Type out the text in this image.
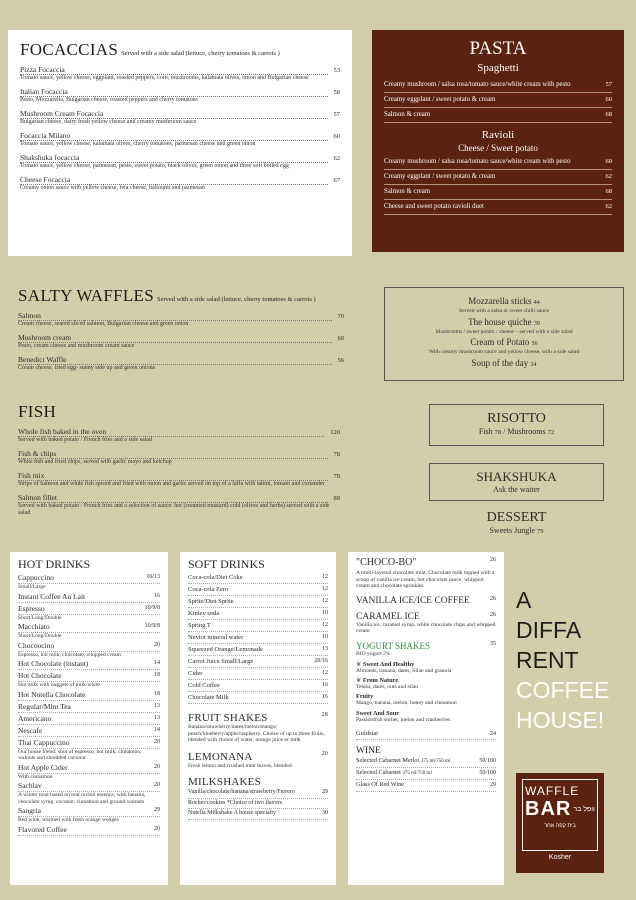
FOCACCIAS Served with a side salad (lettuce, cherry tomatoes & carrots )
Pizza Focaccia	53
Tomato sauce, yellow cheese, eggplant, roasted peppers, corn, mushrooms, kalamata olives, onion and Bulgarian cheese
Italian Focaccia	58
Pesto, Mozzarella, Bulgarian cheese, roasted peppers and cherry tomatoes
Mushroom Cream Focaccia	57
Bulgarian cheese, dairy fresh yellow cheese and creamy mushroom sauce
Focaccia Milano	60
Tomato sauce, yellow cheese, kalamata olives, cherry tomatoes, parmesan cheese and green onion
Shakshuka focaccia	62
Tomato sauce, yellow cheese, parmesan, pesto, sweet potato, black olives, green onion and three soft boiled egg
Cheese Focaccia	67
Creamy onion sauce with yellow cheese, feta cheese, halloumi and parmesan
PASTA
Spaghetti
Creamy mushroom / salsa rosa/tomato sauce/white cream with pesto	57
Creamy eggplant / sweet potato & cream	60
Salmon & cream	68
Ravioli
Cheese / Sweet potato
Creamy mushroom / salsa rosa/tomato sauce/white cream with pesto	60
Creamy eggplant / sweet potato & cream	62
Salmon & cream	68
Cheese and sweet potato ravioli duet	62
SALTY WAFFLES Served with a side salad (lettuce, cherry tomatoes & carrots )
Salmon	70
Cream cheese, seared sliced salmon, Bulgarian cheese and green onion
Mushroom cream	60
Pesto, cream cheese and mushroom cream sauce
Benedict Waffle	56
Cream cheese, fried egg- sunny side up and green onions
Mozzarella sticks 44
Served with a salsa or sweet chilli sauce
The house quiche 39
Mushrooms / sweet potato / cheese – served with a side salad
Cream of Potato 56
With creamy mushroom sauce and yellow cheese, with a side salad
Soup of the day 34
FISH
Whole fish baked in the oven	120
Served with baked potato / French fries and a side salad
Fish & chips	78
White fish and fried chips, served with garlic mayo and ketchup
Fish mix	78
Strips of Salmon and white fish spiced and fried with onion and garlic served on top of a laffa with tahini, tomato and coriander
Salmon fillet	89
Served with baked potato / French fries and a selection of sauce: hot (creamed mustard) cold (olives and herbs) served with a side salad
RISOTTO
Fish 78 / Mushrooms 72
SHAKSHUKA
Ask the waiter
DESSERT
Sweets Jungle 79
HOT DRINKS
Cappuccino	16/13
Small/Large
Instant Coffee Au Lait	16
Espresso	10/9/8
Short/Long/Double
Macchiato	10/9/8
Short/Long/Double
Chocoocino	20
Espresso, hot milk, chocolate, whipped cream
Hot Chocolate (instant)	14
Hot Chocolate	18
Hot milk with nuggets of milk/white
Hot Nutella Chocolate	18
Regular/Mint Tea	13
Americano	13
Nescafe	14
Thai Cappuccino	20
Our house blend: shot of espresso, hot milk, cinnamon, walnuts and shredded coconut
Hot Apple Cider	20
With cinnamon
Sachlav	20
A winter treat based on real orchid essence, with banana, chocolate syrup, coconut, cinnamon and ground walnuts
Sangria	29
Red wine, warmed with fresh orange wedges
Flavored Coffee	20
SOFT DRINKS
Coca-cola/Diet Coke	12
Coca-cola Zero	12
Sprite/Diet Sprite	12
Kinley soda	10
Spring T	12
Neviot mineral water	10
Squeezed Orange/Lemonade	13
Carrot Juice Small/Large	20/16
Cider	12
Cold Coffee	16
Chocolate Milk	16
FRUIT SHAKES	28
Banana/strawberry/dates/melon/mango/ peach/blueberry/apple/raspberry. Choice of up to three fruits, blended with choice of water, orange juice or milk
LEMONANA	20
Fresh lemon and crushed mint leaves, blended
MILKSHAKES
Vanilla/chocolate/banana/strawberry/Ferrero	29
Rocher/cookies *Choice of two flavors
Nutella Milkshake A house specialty	30
"CHOCO-BO"	26
A multi-layered chocolate treat. Chocolate milk tupped with a scoop of vanilla ice cream, hot chocolate sauce, whipped cream and chocolate sprinkles
VANILLA ICE/ICE COFFEE	26
CARAMEL ICE	26
Vanilla ice, caramel syrup, white chocolate chips and whipped cream
YOGURT SHAKES	35
BIO yogurt 2%
❦ Sweet And Healthy
Almonds, banana, dates, Silan and granola
❦ From Nature
Tehini, dates, nuts and silan
Fruity
Mango, banana, melon, honey and cinnamon
Sweet And Sour
Passionfruit sorbet, melon and cranberries
Goldstar	24
WINE
Selected Cabarnet Merlot 375 ml/750 ml	50/100
Selected Cabarnet 375 ml/750 ml	50/100
Glass Of Red Wine	29
A
DIFFA
RENT
COFFEE
HOUSE!
WAFFLE
BAR וופל בר
בית קפה אחר
Kosher
